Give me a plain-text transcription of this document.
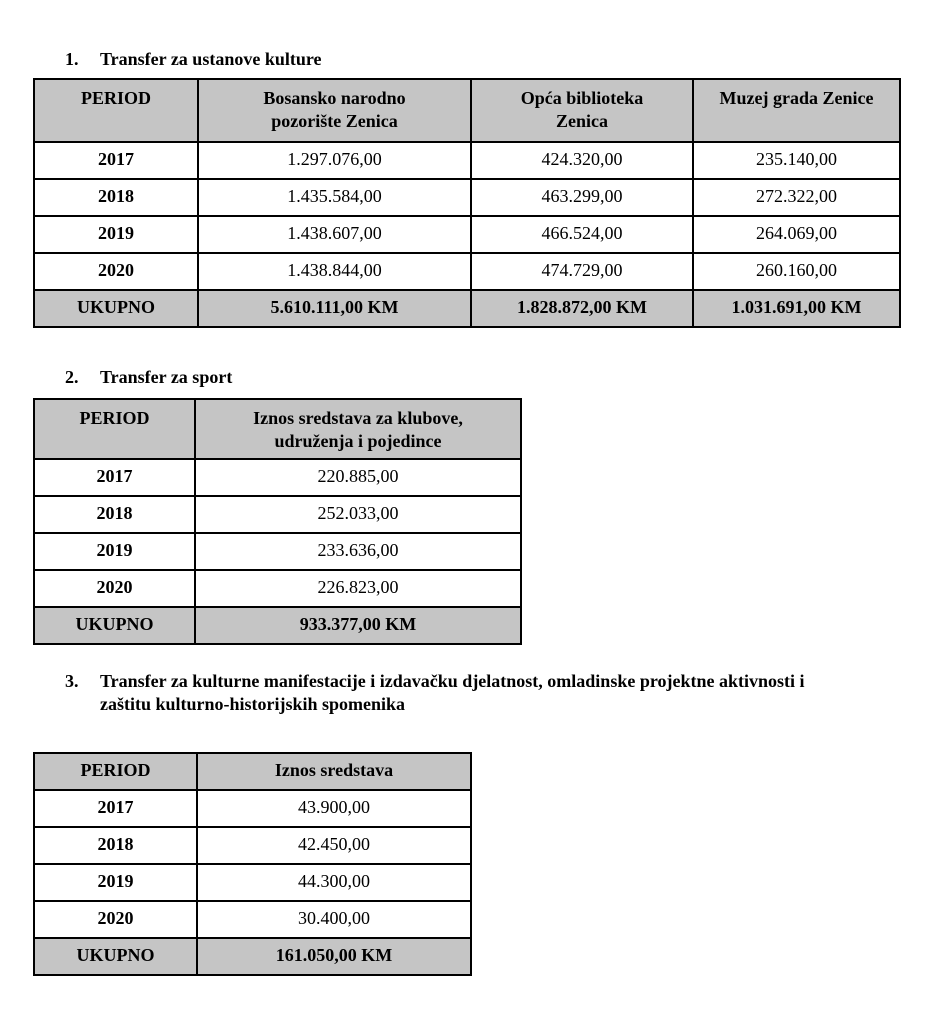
1.	Transfer za ustanove kulture
PERIOD	Bosansko narodno pozorište Zenica	Opća biblioteka Zenica	Muzej grada Zenice
2017	1.297.076,00	424.320,00	235.140,00
2018	1.435.584,00	463.299,00	272.322,00
2019	1.438.607,00	466.524,00	264.069,00
2020	1.438.844,00	474.729,00	260.160,00
UKUPNO	5.610.111,00 KM	1.828.872,00 KM	1.031.691,00 KM
2.	Transfer za sport
PERIOD	Iznos sredstava za klubove, udruženja i pojedince
2017	220.885,00
2018	252.033,00
2019	233.636,00
2020	226.823,00
UKUPNO	933.377,00 KM
3.	Transfer za kulturne manifestacije i izdavačku djelatnost, omladinske projektne aktivnosti i zaštitu kulturno-historijskih spomenika
PERIOD	Iznos sredstava
2017	43.900,00
2018	42.450,00
2019	44.300,00
2020	30.400,00
UKUPNO	161.050,00 KM
